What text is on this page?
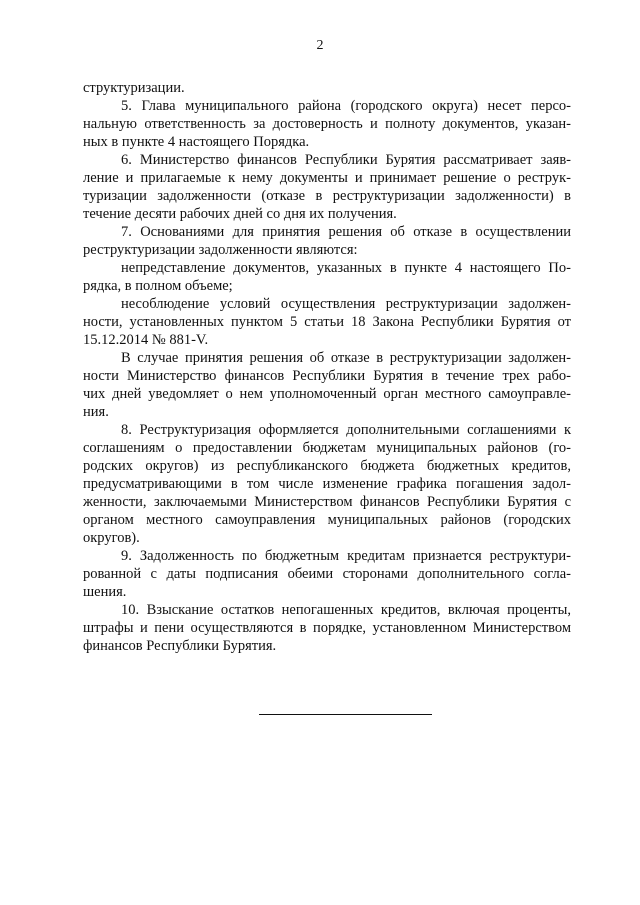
2
структуризации.
5. Глава муниципального района (городского округа) несет персо-
нальную ответственность за достоверность и полноту документов, указан-
ных в пункте 4 настоящего Порядка.
6. Министерство финансов Республики Бурятия рассматривает заяв-
ление и прилагаемые к нему документы и принимает решение о реструк-
туризации задолженности (отказе в реструктуризации задолженности) в
течение десяти рабочих дней со дня их получения.
7. Основаниями для принятия решения об отказе в осуществлении
реструктуризации задолженности являются:
непредставление документов, указанных в пункте 4 настоящего По-
рядка, в полном объеме;
несоблюдение условий осуществления реструктуризации задолжен-
ности, установленных пунктом 5 статьи 18 Закона Республики Бурятия от
15.12.2014 № 881-V.
В случае принятия решения об отказе в реструктуризации задолжен-
ности Министерство финансов Республики Бурятия в течение трех рабо-
чих дней уведомляет о нем уполномоченный орган местного самоуправле-
ния.
8. Реструктуризация оформляется дополнительными соглашениями к
соглашениям о предоставлении бюджетам муниципальных районов (го-
родских округов) из республиканского бюджета бюджетных кредитов,
предусматривающими в том числе изменение графика погашения задол-
женности, заключаемыми Министерством финансов Республики Бурятия с
органом местного самоуправления муниципальных районов (городских
округов).
9. Задолженность по бюджетным кредитам признается реструктури-
рованной с даты подписания обеими сторонами дополнительного согла-
шения.
10. Взыскание остатков непогашенных кредитов, включая проценты,
штрафы и пени осуществляются в порядке, установленном Министерством
финансов Республики Бурятия.
